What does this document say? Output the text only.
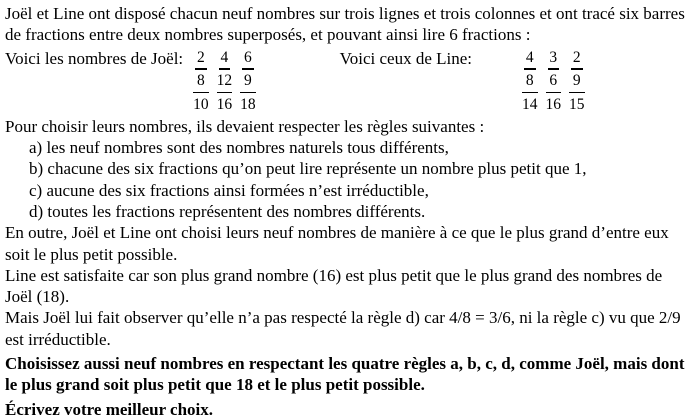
Joël et Line ont disposé chacun neuf nombres sur trois lignes et trois colonnes et ont tracé six barres
de fractions entre deux nombres superposés, et pouvant ainsi lire 6 fractions :
Voici les nombres de Joël: 2
8
10
4
12
16
6
9
18
Voici ceux de Line:	4
8
14
3
6
16
2
9
15
Pour choisir leurs nombres, ils devaient respecter les règles suivantes :
a) les neuf nombres sont des nombres naturels tous différents,
b) chacune des six fractions qu’on peut lire représente un nombre plus petit que 1,
c) aucune des six fractions ainsi formées n’est irréductible,
d) toutes les fractions représentent des nombres différents.
En outre, Joël et Line ont choisi leurs neuf nombres de manière à ce que le plus grand d’entre eux
soit le plus petit possible.
Line est satisfaite car son plus grand nombre (16) est plus petit que le plus grand des nombres de
Joël (18).
Mais Joël lui fait observer qu’elle n’a pas respecté la règle d) car 4/8 = 3/6, ni la règle c) vu que 2/9
est irréductible.
Choisissez aussi neuf nombres en respectant les quatre règles a, b, c, d, comme Joël, mais dont
le plus grand soit plus petit que 18 et le plus petit possible.
Écrivez votre meilleur choix.
